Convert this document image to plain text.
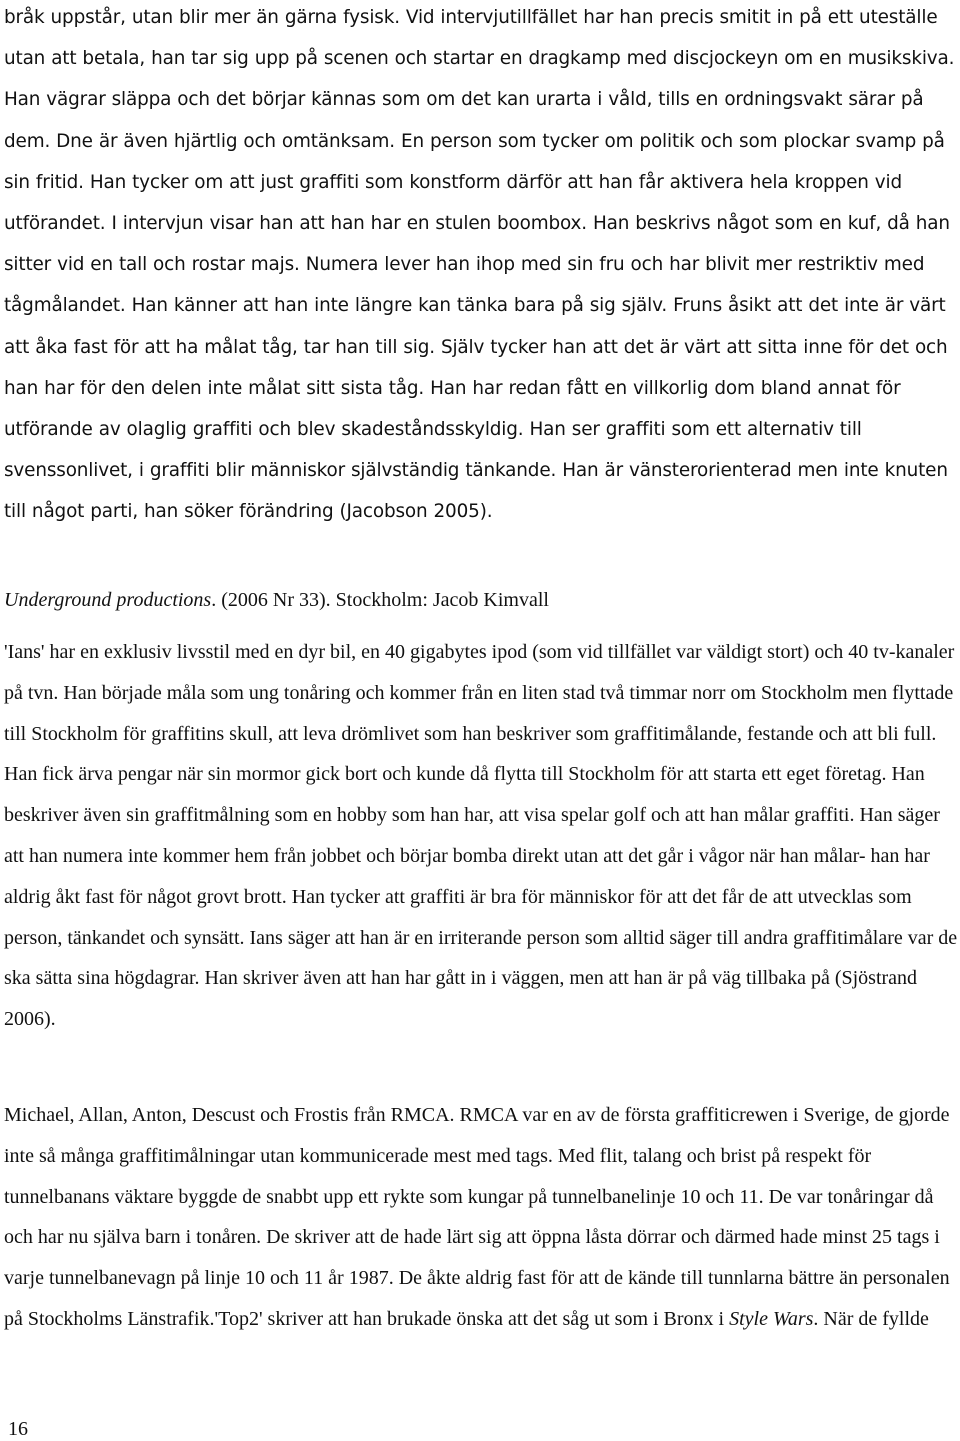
bråk uppstår, utan blir mer än gärna fysisk. Vid intervjutillfället har han precis smitit in på ett uteställe utan att betala, han tar sig upp på scenen och startar en dragkamp med discjockeyn om en musikskiva. Han vägrar släppa och det börjar kännas som om det kan urarta i våld, tills en ordningsvakt särar på dem. Dne är även hjärtlig och omtänksam. En person som tycker om politik och som plockar svamp på sin fritid. Han tycker om att just graffiti som konstform därför att han får aktivera hela kroppen vid utförandet. I intervjun visar han att han har en stulen boombox. Han beskrivs något som en kuf, då han sitter vid en tall och rostar majs. Numera lever han ihop med sin fru och har blivit mer restriktiv med tågmålandet. Han känner att han inte längre kan tänka bara på sig själv. Fruns åsikt att det inte är värt att åka fast för att ha målat tåg, tar han till sig. Själv tycker han att det är värt att sitta inne för det och han har för den delen inte målat sitt sista tåg. Han har redan fått en villkorlig dom bland annat för utförande av olaglig graffiti och blev skadeståndsskyldig. Han ser graffiti som ett alternativ till svenssonlivet, i graffiti blir människor självständig tänkande. Han är vänsterorienterad men inte knuten till något parti, han söker förändring (Jacobson 2005).

Underground productions. (2006 Nr 33). Stockholm: Jacob Kimvall

'Ians' har en exklusiv livsstil med en dyr bil, en 40 gigabytes ipod (som vid tillfället var väldigt stort) och 40 tv-kanaler på tvn. Han började måla som ung tonåring och kommer från en liten stad två timmar norr om Stockholm men flyttade till Stockholm för graffitins skull, att leva drömlivet som han beskriver som graffitimålande, festande och att bli full. Han fick ärva pengar när sin mormor gick bort och kunde då flytta till Stockholm för att starta ett eget företag. Han beskriver även sin graffitmålning som en hobby som han har, att visa spelar golf och att han målar graffiti. Han säger att han numera inte kommer hem från jobbet och börjar bomba direkt utan att det går i vågor när han målar- han har aldrig åkt fast för något grovt brott. Han tycker att graffiti är bra för människor för att det får de att utvecklas som person, tänkandet och synsätt. Ians säger att han är en irriterande person som alltid säger till andra graffitimålare var de ska sätta sina högdagrar. Han skriver även att han har gått in i väggen, men att han är på väg tillbaka på (Sjöstrand 2006).

Michael, Allan, Anton, Descust och Frostis från RMCA. RMCA var en av de första graffiticrewen i Sverige, de gjorde inte så många graffitimålningar utan kommunicerade mest med tags. Med flit, talang och brist på respekt för tunnelbanans väktare byggde de snabbt upp ett rykte som kungar på tunnelbanelinje 10 och 11. De var tonåringar då och har nu själva barn i tonåren. De skriver att de hade lärt sig att öppna låsta dörrar och därmed hade minst 25 tags i varje tunnelbanevagn på linje 10 och 11 år 1987. De åkte aldrig fast för att de kände till tunnlarna bättre än personalen på Stockholms Länstrafik.'Top2' skriver att han brukade önska att det såg ut som i Bronx i Style Wars. När de fyllde

16
